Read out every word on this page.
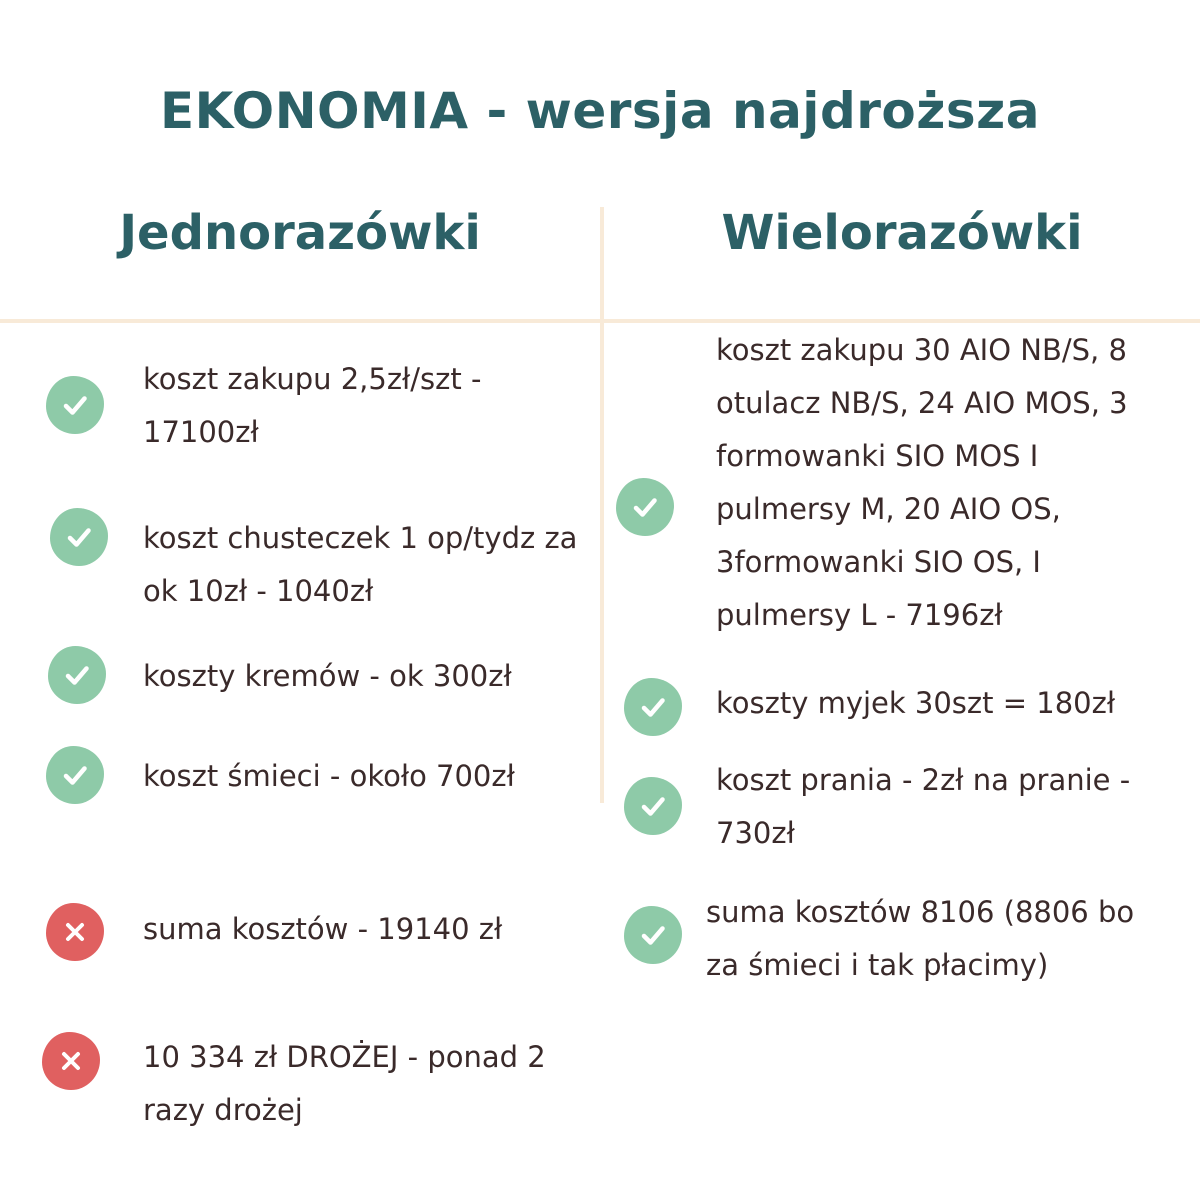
EKONOMIA - wersja najdroższa
Jednorazówki	Wielorazówki
koszt zakupu 2,5zł/szt - 17100zł
koszt chusteczek 1 op/tydz za ok 10zł - 1040zł
koszty kremów - ok 300zł
koszt śmieci - około 700zł
suma kosztów - 19140 zł
10 334 zł DROŻEJ - ponad 2 razy drożej
koszt zakupu 30 AIO NB/S, 8 otulacz NB/S, 24 AIO MOS, 3 formowanki SIO MOS I pulmersy M, 20 AIO OS, 3formowanki SIO OS, I pulmersy L - 7196zł
koszty myjek 30szt = 180zł
koszt prania - 2zł na pranie - 730zł
suma kosztów 8106 (8806 bo za śmieci i tak płacimy)
